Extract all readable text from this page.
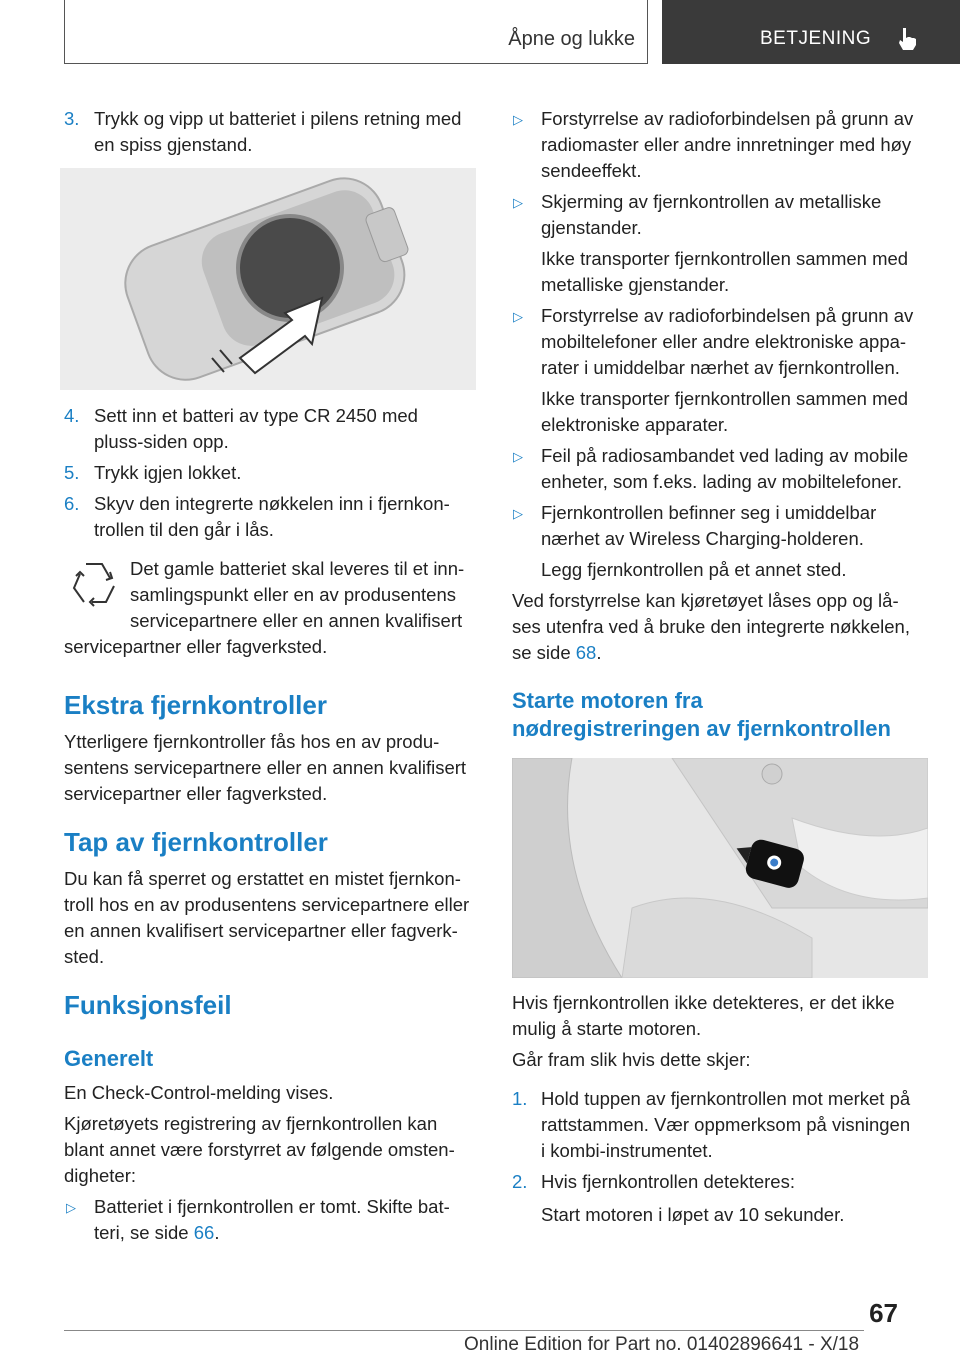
Åpne og lukke	BETJENING
3. Trykk og vipp ut batteriet i pilens retning med

en spiss gjenstand.

4. Sett inn et batteri av type CR 2450 med

pluss-siden opp.

5. Trykk igjen lokket.

6. Skyv den integrerte nøkkelen inn i fjernkon-

trollen til den går i lås.

Det gamle batteriet skal leveres til et inn-

samlingspunkt eller en av produsentens

servicepartnere eller en annen kvalifisert

servicepartner eller fagverksted.

Ekstra fjernkontroller

Ytterligere fjernkontroller fås hos en av produ-

sentens servicepartnere eller en annen kvalifisert

servicepartner eller fagverksted.

Tap av fjernkontroller

Du kan få sperret og erstattet en mistet fjernkon-

troll hos en av produsentens servicepartnere eller

en annen kvalifisert servicepartner eller fagverk-

sted.

Funksjonsfeil
Generelt

En Check-Control-melding vises.

Kjøretøyets registrering av fjernkontrollen kan

blant annet være forstyrret av følgende omsten-

digheter:

▷ Batteriet i fjernkontrollen er tomt. Skifte bat-

teri, se side 66.

▷ Forstyrrelse av radioforbindelsen på grunn av

radiomaster eller andre innretninger med høy

sendeeffekt.

▷ Skjerming av fjernkontrollen av metalliske

gjenstander.

Ikke transporter fjernkontrollen sammen med

metalliske gjenstander.

▷ Forstyrrelse av radioforbindelsen på grunn av

mobiltelefoner eller andre elektroniske appa-

rater i umiddelbar nærhet av fjernkontrollen.

Ikke transporter fjernkontrollen sammen med

elektroniske apparater.

▷ Feil på radiosambandet ved lading av mobile

enheter, som f.eks. lading av mobiltelefoner.

▷ Fjernkontrollen befinner seg i umiddelbar

nærhet av Wireless Charging-holderen.

Legg fjernkontrollen på et annet sted.

Ved forstyrrelse kan kjøretøyet låses opp og lå-

ses utenfra ved å bruke den integrerte nøkkelen,

se side 68.

Starte motoren fra
nødregistreringen av fjernkontrollen

Hvis fjernkontrollen ikke detekteres, er det ikke

mulig å starte motoren.

Går fram slik hvis dette skjer:

1. Hold tuppen av fjernkontrollen mot merket på

rattstammen. Vær oppmerksom på visningen

i kombi-instrumentet.

2. Hvis fjernkontrollen detekteres:

Start motoren i løpet av 10 sekunder.

67
Online Edition for Part no. 01402896641 - X/18
